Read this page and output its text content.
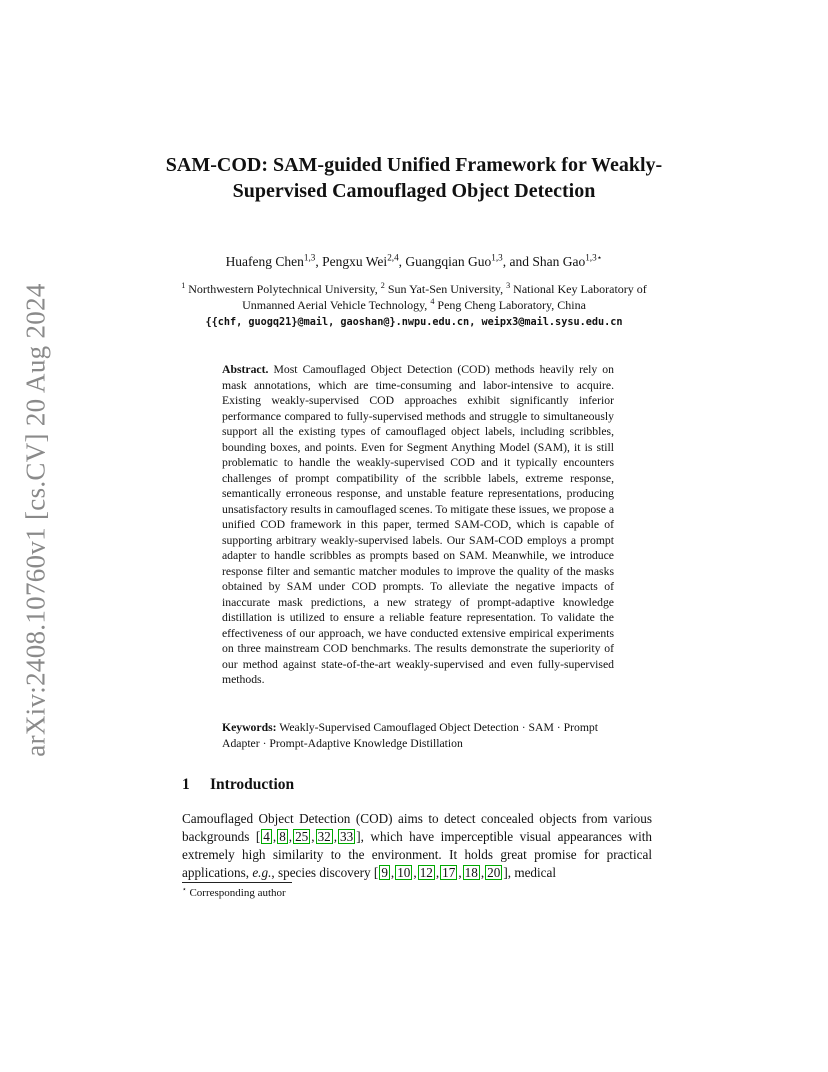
arXiv:2408.10760v1 [cs.CV] 20 Aug 2024
SAM-COD: SAM-guided Unified Framework for Weakly-Supervised Camouflaged Object Detection
Huafeng Chen$^{1,3}$, Pengxu Wei$^{2,4}$, Guangqian Guo$^{1,3}$, and Shan Gao$^{1,3⋆}$
$^1$ Northwestern Polytechnical University, $^2$ Sun Yat-Sen University, $^3$ National Key Laboratory of Unmanned Aerial Vehicle Technology, $^4$ Peng Cheng Laboratory, China
{{chf, guogq21}@mail, gaoshan@}.nwpu.edu.cn, weipx3@mail.sysu.edu.cn
Abstract. Most Camouflaged Object Detection (COD) methods heavily rely on mask annotations, which are time-consuming and labor-intensive to acquire. Existing weakly-supervised COD approaches exhibit significantly inferior performance compared to fully-supervised methods and struggle to simultaneously support all the existing types of camouflaged object labels, including scribbles, bounding boxes, and points. Even for Segment Anything Model (SAM), it is still problematic to handle the weakly-supervised COD and it typically encounters challenges of prompt compatibility of the scribble labels, extreme response, semantically erroneous response, and unstable feature representations, producing unsatisfactory results in camouflaged scenes. To mitigate these issues, we propose a unified COD framework in this paper, termed SAM-COD, which is capable of supporting arbitrary weakly-supervised labels. Our SAM-COD employs a prompt adapter to handle scribbles as prompts based on SAM. Meanwhile, we introduce response filter and semantic matcher modules to improve the quality of the masks obtained by SAM under COD prompts. To alleviate the negative impacts of inaccurate mask predictions, a new strategy of prompt-adaptive knowledge distillation is utilized to ensure a reliable feature representation. To validate the effectiveness of our approach, we have conducted extensive empirical experiments on three mainstream COD benchmarks. The results demonstrate the superiority of our method against state-of-the-art weakly-supervised and even fully-supervised methods.
Keywords: Weakly-Supervised Camouflaged Object Detection · SAM · Prompt Adapter · Prompt-Adaptive Knowledge Distillation
1 Introduction
Camouflaged Object Detection (COD) aims to detect concealed objects from various backgrounds [ 4 , 8 , 25 , 32 , 33 ], which have imperceptible visual appearances with extremely high similarity to the environment. It holds great promise for practical applications, e.g., species discovery [ 9 , 10 , 12 , 17 , 18 , 20 ], medical
⋆ Corresponding author
